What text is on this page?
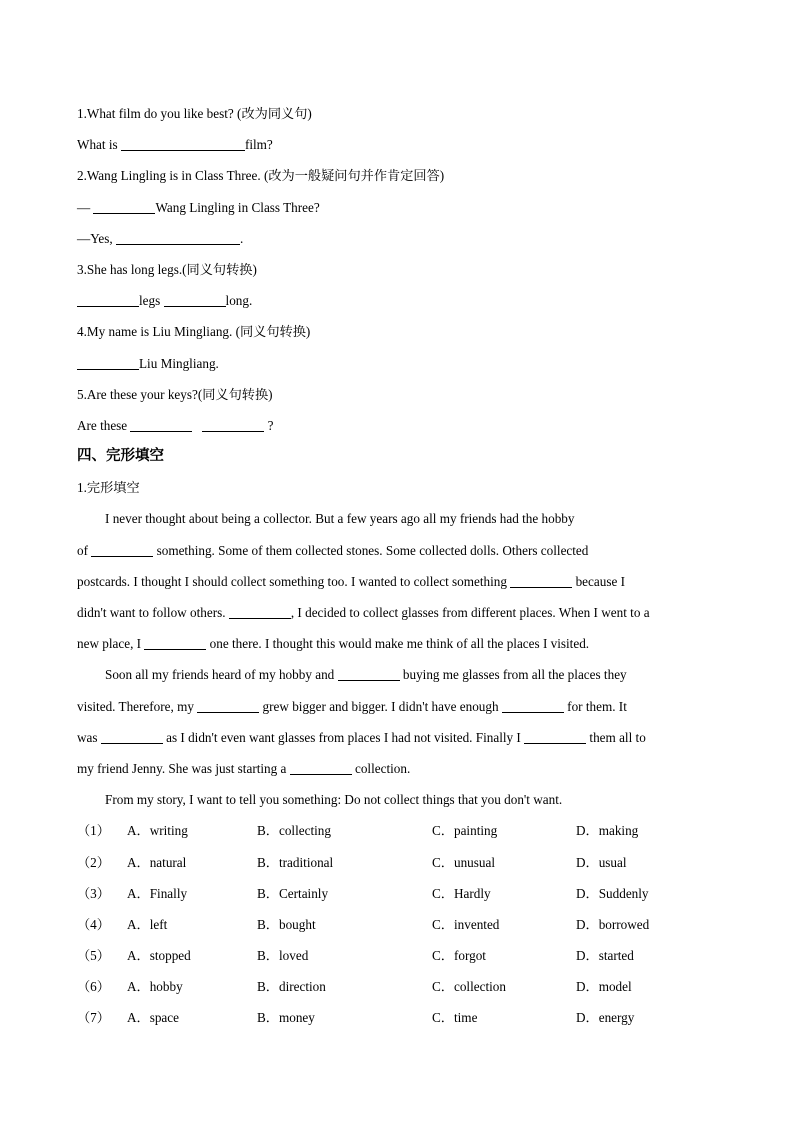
1.What film do you like best? (改为同义句)
What is	film?
2.Wang Lingling is in Class Three. (改为一般疑问句并作肯定回答)
—	Wang Lingling in Class Three?
—Yes,	.
3.She has long legs.(同义句转换)
legs	long.
4.My name is Liu Mingliang. (同义句转换)
Liu Mingliang.
5.Are these your keys?(同义句转换)
Are these	?
四、完形填空
1.完形填空
I never thought about being a collector. But a few years ago all my friends had the hobby
of	something. Some of them collected stones. Some collected dolls. Others collected
postcards. I thought I should collect something too. I wanted to collect something	because I
didn't want to follow others.	, I decided to collect glasses from different places. When I went to a
new place, I	one there. I thought this would make me think of all the places I visited.
Soon all my friends heard of my hobby and	buying me glasses from all the places they
visited. Therefore, my	grew bigger and bigger. I didn't have enough	for them. It
was	as I didn't even want glasses from places I had not visited. Finally I	them all to
my friend Jenny. She was just starting a	collection.
From my story, I want to tell you something: Do not collect things that you don't want.
（1） A．writing	B．collecting	C．painting	D．making
（2） A．natural	B．traditional	C．unusual	D．usual
（3） A．Finally	B．Certainly	C．Hardly	D．Suddenly
（4） A．left	B．bought	C．invented	D．borrowed
（5） A．stopped	B．loved	C．forgot	D．started
（6） A．hobby	B．direction	C．collection	D．model
（7） A．space	B．money	C．time	D．energy
